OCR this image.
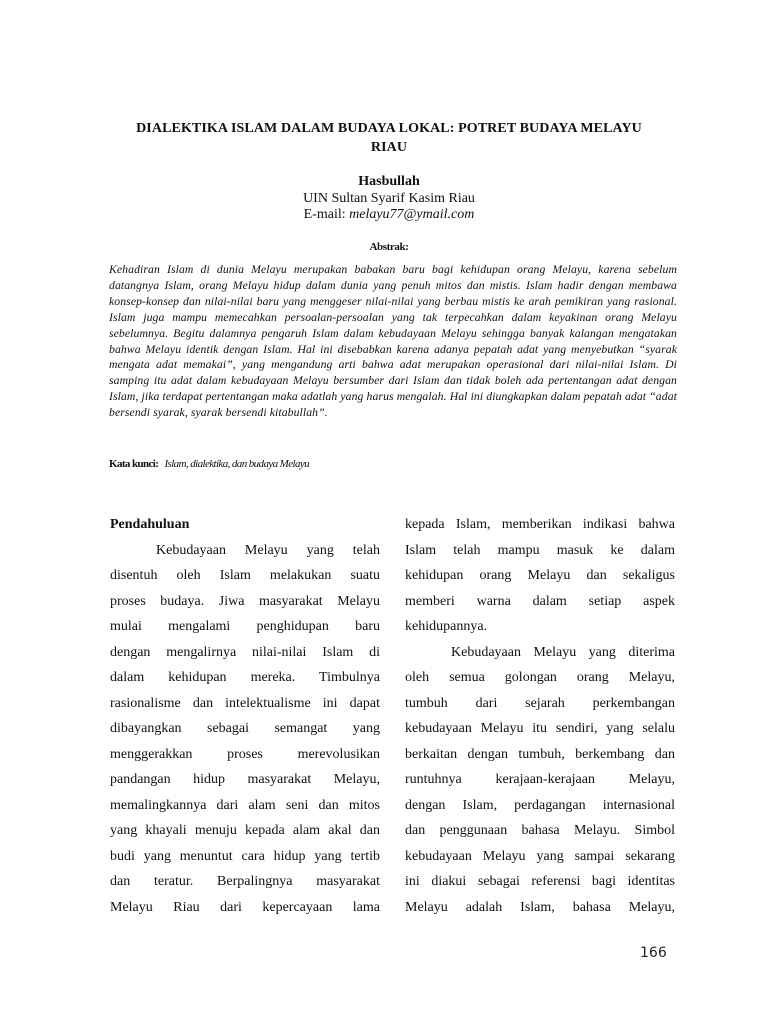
DIALEKTIKA ISLAM DALAM BUDAYA LOKAL: POTRET BUDAYA MELAYU
RIAU
Hasbullah
UIN Sultan Syarif Kasim Riau
E-mail: melayu77@ymail.com
Abstrak:
Kehadiran Islam di dunia Melayu merupakan babakan baru bagi kehidupan orang Melayu, karena sebelum datangnya Islam, orang Melayu hidup dalam dunia yang penuh mitos dan mistis. Islam hadir dengan membawa konsep-konsep dan nilai-nilai baru yang menggeser nilai-nilai yang berbau mistis ke arah pemikiran yang rasional. Islam juga mampu memecahkan persoalan-persoalan yang tak terpecahkan dalam keyakinan orang Melayu sebelumnya. Begitu dalamnya pengaruh Islam dalam kebudayaan Melayu sehingga banyak kalangan mengatakan bahwa Melayu identik dengan Islam. Hal ini disebabkan karena adanya pepatah adat yang menyebutkan “syarak mengata adat memakai”, yang mengandung arti bahwa adat merupakan operasional dari nilai-nilai Islam. Di samping itu adat dalam kebudayaan Melayu bersumber dari Islam dan tidak boleh ada pertentangan adat dengan Islam, jika terdapat pertentangan maka adatlah yang harus mengalah. Hal ini diungkapkan dalam pepatah adat “adat bersendi syarak, syarak bersendi kitabullah”.
Kata kunci: Islam, dialektika, dan budaya Melayu
Pendahuluan
Kebudayaan Melayu yang telah
disentuh oleh Islam melakukan suatu
proses budaya. Jiwa masyarakat Melayu
mulai mengalami penghidupan baru
dengan mengalirnya nilai-nilai Islam di
dalam kehidupan mereka. Timbulnya
rasionalisme dan intelektualisme ini dapat
dibayangkan sebagai semangat yang
menggerakkan proses merevolusikan
pandangan hidup masyarakat Melayu,
memalingkannya dari alam seni dan mitos
yang khayali menuju kepada alam akal dan
budi yang menuntut cara hidup yang tertib
dan teratur. Berpalingnya masyarakat
Melayu Riau dari kepercayaan lama
kepada Islam, memberikan indikasi bahwa
Islam telah mampu masuk ke dalam
kehidupan orang Melayu dan sekaligus
memberi warna dalam setiap aspek
kehidupannya.
Kebudayaan Melayu yang diterima
oleh semua golongan orang Melayu,
tumbuh dari sejarah perkembangan
kebudayaan Melayu itu sendiri, yang selalu
berkaitan dengan tumbuh, berkembang dan
runtuhnya kerajaan-kerajaan Melayu,
dengan Islam, perdagangan internasional
dan penggunaan bahasa Melayu. Simbol
kebudayaan Melayu yang sampai sekarang
ini diakui sebagai referensi bagi identitas
Melayu adalah Islam, bahasa Melayu,
166
